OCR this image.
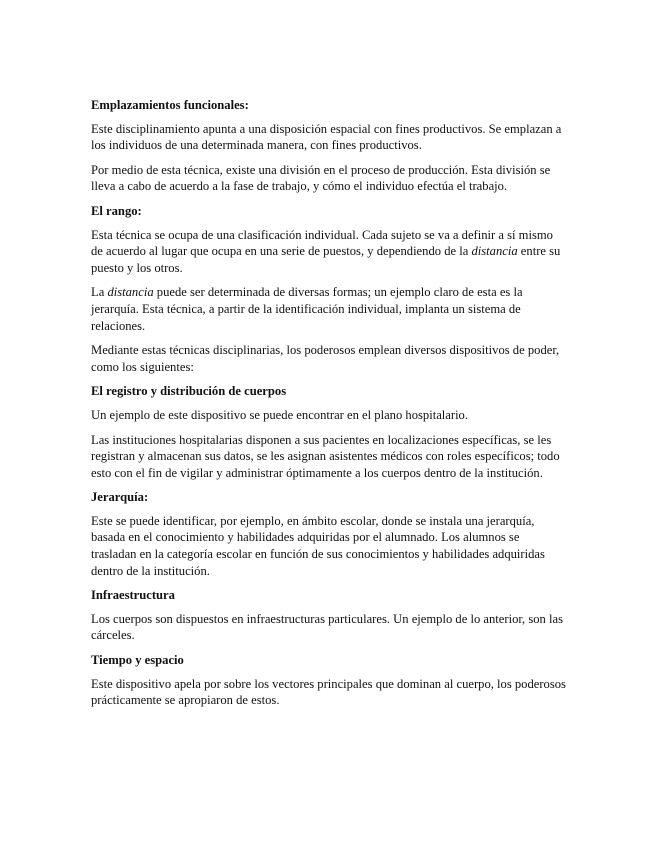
Emplazamientos funcionales:

Este disciplinamiento apunta a una disposición espacial con fines productivos. Se emplazan a los individuos de una determinada manera, con fines productivos.

Por medio de esta técnica, existe una división en el proceso de producción. Esta división se lleva a cabo de acuerdo a la fase de trabajo, y cómo el individuo efectúa el trabajo.

El rango:

Esta técnica se ocupa de una clasificación individual. Cada sujeto se va a definir a sí mismo de acuerdo al lugar que ocupa en una serie de puestos, y dependiendo de la distancia entre su puesto y los otros.

La distancia puede ser determinada de diversas formas; un ejemplo claro de esta es la jerarquía. Esta técnica, a partir de la identificación individual, implanta un sistema de relaciones.

Mediante estas técnicas disciplinarias, los poderosos emplean diversos dispositivos de poder, como los siguientes:

El registro y distribución de cuerpos

Un ejemplo de este dispositivo se puede encontrar en el plano hospitalario.

Las instituciones hospitalarias disponen a sus pacientes en localizaciones específicas, se les registran y almacenan sus datos, se les asignan asistentes médicos con roles específicos; todo esto con el fin de vigilar y administrar óptimamente a los cuerpos dentro de la institución.

Jerarquía:

Este se puede identificar, por ejemplo, en ámbito escolar, donde se instala una jerarquía, basada en el conocimiento y habilidades adquiridas por el alumnado. Los alumnos se trasladan en la categoría escolar en función de sus conocimientos y habilidades adquiridas dentro de la institución.

Infraestructura

Los cuerpos son dispuestos en infraestructuras particulares. Un ejemplo de lo anterior, son las cárceles.

Tiempo y espacio

Este dispositivo apela por sobre los vectores principales que dominan al cuerpo, los poderosos prácticamente se apropiaron de estos.
